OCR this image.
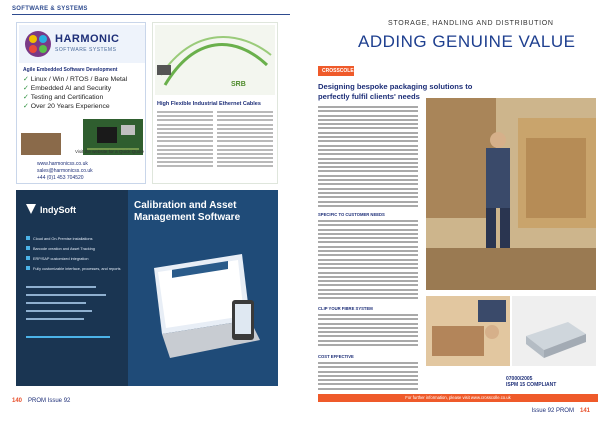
SOFTWARE & SYSTEMS
HARMONIC
SOFTWARE SYSTEMS
Agile Embedded Software Development
✓ Linux / Win / RTOS / Bare Metal
✓ Embedded AI and Security
✓ Testing and Certification
✓ Over 20 Years Experience
Visit the website for a Quick Quote
www.harmonicss.co.uk
sales@harmonicss.co.uk
+44 (0)1 453 704520
SRB
High Flexible Industrial Ethernet Cables
IndySoft
Cloud and On-Premise installations
Barcode creation and Asset Tracking
ERP/SAP customized integration
Fully customizable interface, processes, and reports
Calibration and Asset Management Software
140 PROM Issue 92
STORAGE, HANDLING AND DISTRIBUTION
ADDING GENUINE VALUE
CROSSCOLE
Designing bespoke packaging solutions to perfectly fulfil clients' needs
SPECIFIC TO CUSTOMER NEEDS
CLIP YOUR FIBRE SYSTEM
COST EFFECTIVE
07000/2005
ISPM 15 COMPLIANT
For further information, please visit www.crosscolle.co.uk
Issue 92 PROM 141
